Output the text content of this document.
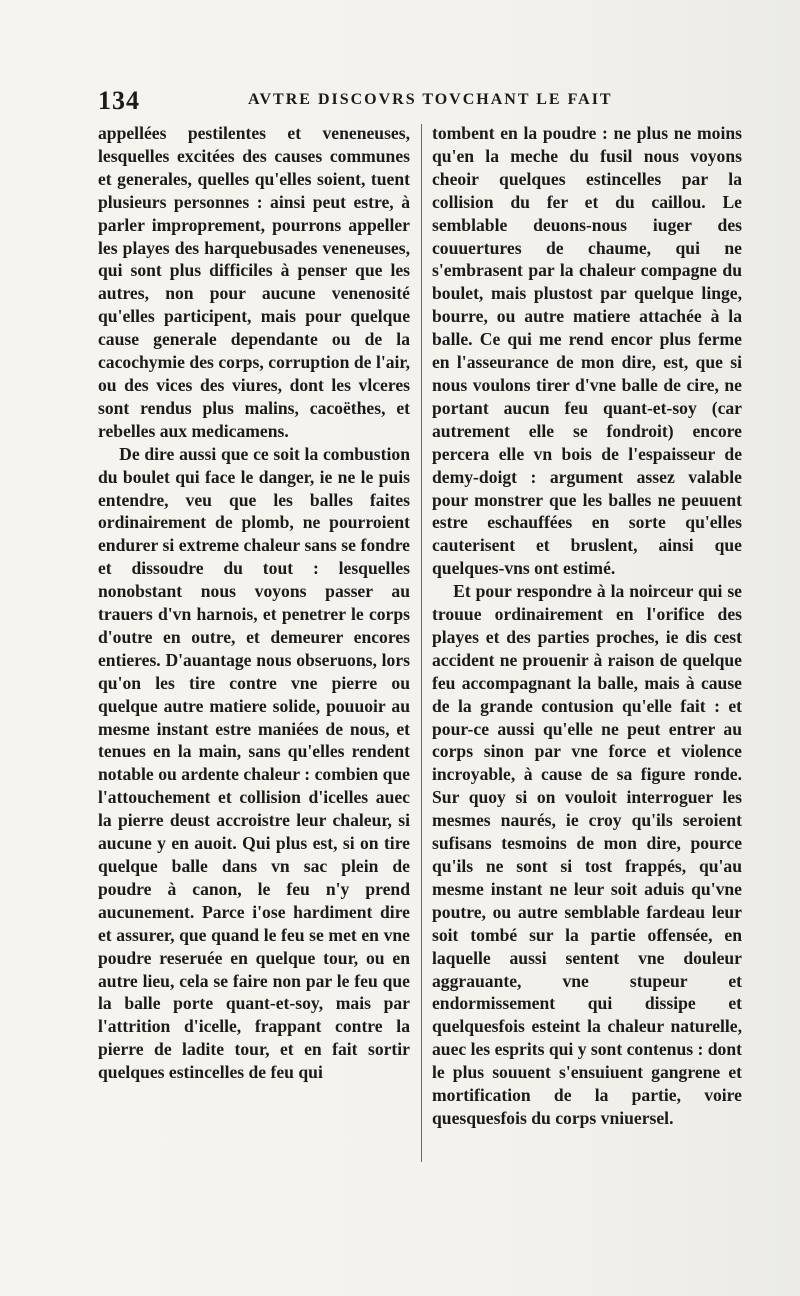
134	AVTRE DISCOVRS TOVCHANT LE FAIT

appellées pestilentes et veneneuses, lesquelles excitées des causes communes et generales, quelles qu'elles soient, tuent plusieurs personnes : ainsi peut estre, à parler improprement, pourrons appeller les playes des harquebusades veneneuses, qui sont plus difficiles à penser que les autres, non pour aucune venenosité qu'elles participent, mais pour quelque cause generale dependante ou de la cacochymie des corps, corruption de l'air, ou des vices des viures, dont les vlceres sont rendus plus malins, cacoëthes, et rebelles aux medicamens.

De dire aussi que ce soit la combustion du boulet qui face le danger, ie ne le puis entendre, veu que les balles faites ordinairement de plomb, ne pourroient endurer si extreme chaleur sans se fondre et dissoudre du tout : lesquelles nonobstant nous voyons passer au trauers d'vn harnois, et penetrer le corps d'outre en outre, et demeurer encores entieres. D'auantage nous obseruons, lors qu'on les tire contre vne pierre ou quelque autre matiere solide, pouuoir au mesme instant estre maniées de nous, et tenues en la main, sans qu'elles rendent notable ou ardente chaleur : combien que l'attouchement et collision d'icelles auec la pierre deust accroistre leur chaleur, si aucune y en auoit. Qui plus est, si on tire quelque balle dans vn sac plein de poudre à canon, le feu n'y prend aucunement. Parce i'ose hardiment dire et assurer, que quand le feu se met en vne poudre reseruée en quelque tour, ou en autre lieu, cela se faire non par le feu que la balle porte quant-et-soy, mais par l'attrition d'icelle, frappant contre la pierre de ladite tour, et en fait sortir quelques estincelles de feu qui

tombent en la poudre : ne plus ne moins qu'en la meche du fusil nous voyons cheoir quelques estincelles par la collision du fer et du caillou. Le semblable deuons-nous iuger des couuertures de chaume, qui ne s'embrasent par la chaleur compagne du boulet, mais plustost par quelque linge, bourre, ou autre matiere attachée à la balle. Ce qui me rend encor plus ferme en l'asseurance de mon dire, est, que si nous voulons tirer d'vne balle de cire, ne portant aucun feu quant-et-soy (car autrement elle se fondroit) encore percera elle vn bois de l'espaisseur de demy-doigt : argument assez valable pour monstrer que les balles ne peuuent estre eschauffées en sorte qu'elles cauterisent et bruslent, ainsi que quelques-vns ont estimé.

Et pour respondre à la noirceur qui se trouue ordinairement en l'orifice des playes et des parties proches, ie dis cest accident ne prouenir à raison de quelque feu accompagnant la balle, mais à cause de la grande contusion qu'elle fait : et pour-ce aussi qu'elle ne peut entrer au corps sinon par vne force et violence incroyable, à cause de sa figure ronde. Sur quoy si on vouloit interroguer les mesmes naurés, ie croy qu'ils seroient sufisans tesmoins de mon dire, pource qu'ils ne sont si tost frappés, qu'au mesme instant ne leur soit aduis qu'vne poutre, ou autre semblable fardeau leur soit tombé sur la partie offensée, en laquelle aussi sentent vne douleur aggrauante, vne stupeur et endormissement qui dissipe et quelquesfois esteint la chaleur naturelle, auec les esprits qui y sont contenus : dont le plus souuent s'ensuiuent gangrene et mortification de la partie, voire quesquesfois du corps vniuersel.
